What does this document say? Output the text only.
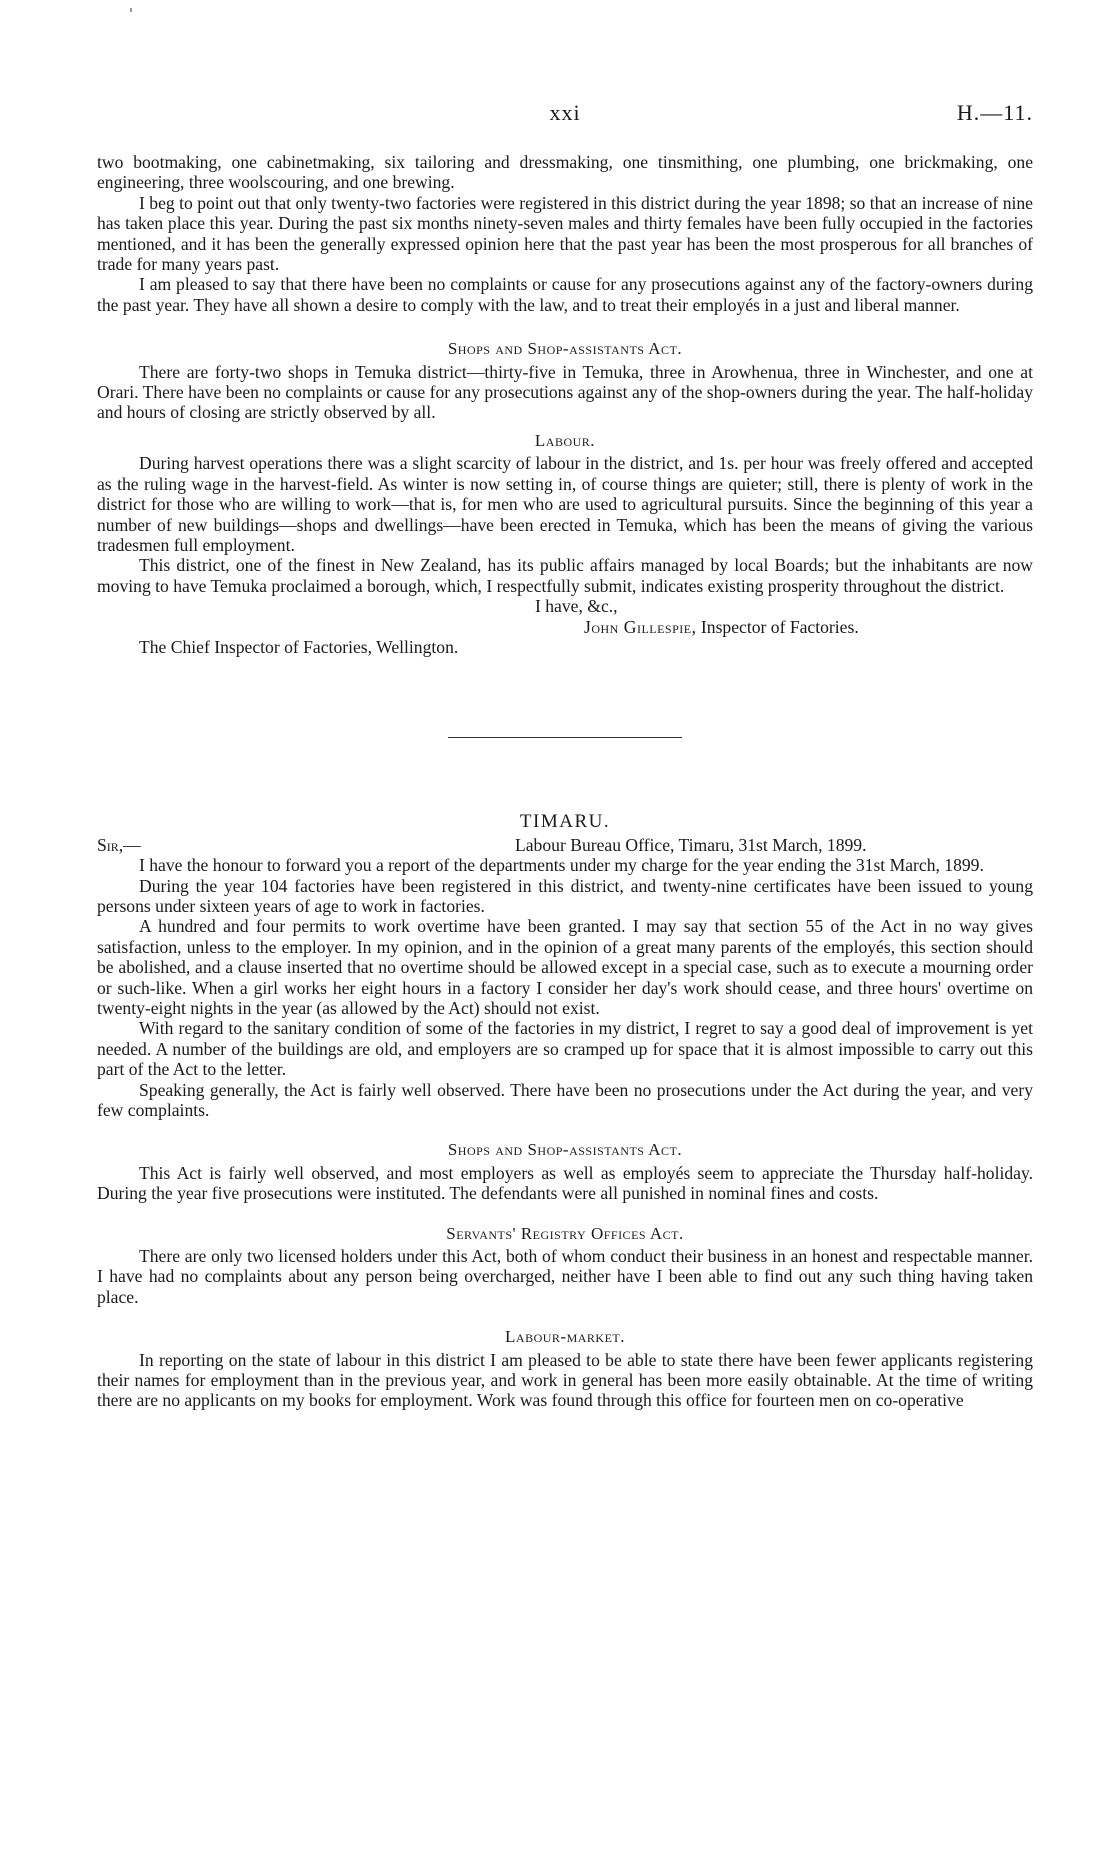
xxi	H.—11.

two bootmaking, one cabinetmaking, six tailoring and dressmaking, one tinsmithing, one plumbing, one brickmaking, one engineering, three woolscouring, and one brewing.

I beg to point out that only twenty-two factories were registered in this district during the year 1898; so that an increase of nine has taken place this year. During the past six months ninety-seven males and thirty females have been fully occupied in the factories mentioned, and it has been the generally expressed opinion here that the past year has been the most prosperous for all branches of trade for many years past.

I am pleased to say that there have been no complaints or cause for any prosecutions against any of the factory-owners during the past year. They have all shown a desire to comply with the law, and to treat their employés in a just and liberal manner.

Shops and Shop-assistants Act.

There are forty-two shops in Temuka district—thirty-five in Temuka, three in Arowhenua, three in Winchester, and one at Orari. There have been no complaints or cause for any prosecutions against any of the shop-owners during the year. The half-holiday and hours of closing are strictly observed by all.

Labour.

During harvest operations there was a slight scarcity of labour in the district, and 1s. per hour was freely offered and accepted as the ruling wage in the harvest-field. As winter is now setting in, of course things are quieter; still, there is plenty of work in the district for those who are willing to work—that is, for men who are used to agricultural pursuits. Since the beginning of this year a number of new buildings—shops and dwellings—have been erected in Temuka, which has been the means of giving the various tradesmen full employment.

This district, one of the finest in New Zealand, has its public affairs managed by local Boards; but the inhabitants are now moving to have Temuka proclaimed a borough, which, I respectfully submit, indicates existing prosperity throughout the district.

I have, &c.,

John Gillespie, Inspector of Factories.

The Chief Inspector of Factories, Wellington.

TIMARU.
Sir,—	Labour Bureau Office, Timaru, 31st March, 1899.

I have the honour to forward you a report of the departments under my charge for the year ending the 31st March, 1899.

During the year 104 factories have been registered in this district, and twenty-nine certificates have been issued to young persons under sixteen years of age to work in factories.

A hundred and four permits to work overtime have been granted. I may say that section 55 of the Act in no way gives satisfaction, unless to the employer. In my opinion, and in the opinion of a great many parents of the employés, this section should be abolished, and a clause inserted that no overtime should be allowed except in a special case, such as to execute a mourning order or such-like. When a girl works her eight hours in a factory I consider her day's work should cease, and three hours' overtime on twenty-eight nights in the year (as allowed by the Act) should not exist.

With regard to the sanitary condition of some of the factories in my district, I regret to say a good deal of improvement is yet needed. A number of the buildings are old, and employers are so cramped up for space that it is almost impossible to carry out this part of the Act to the letter.

Speaking generally, the Act is fairly well observed. There have been no prosecutions under the Act during the year, and very few complaints.

Shops and Shop-assistants Act.

This Act is fairly well observed, and most employers as well as employés seem to appreciate the Thursday half-holiday. During the year five prosecutions were instituted. The defendants were all punished in nominal fines and costs.

Servants' Registry Offices Act.

There are only two licensed holders under this Act, both of whom conduct their business in an honest and respectable manner. I have had no complaints about any person being overcharged, neither have I been able to find out any such thing having taken place.

Labour-market.

In reporting on the state of labour in this district I am pleased to be able to state there have been fewer applicants registering their names for employment than in the previous year, and work in general has been more easily obtainable. At the time of writing there are no applicants on my books for employment. Work was found through this office for fourteen men on co-operative
